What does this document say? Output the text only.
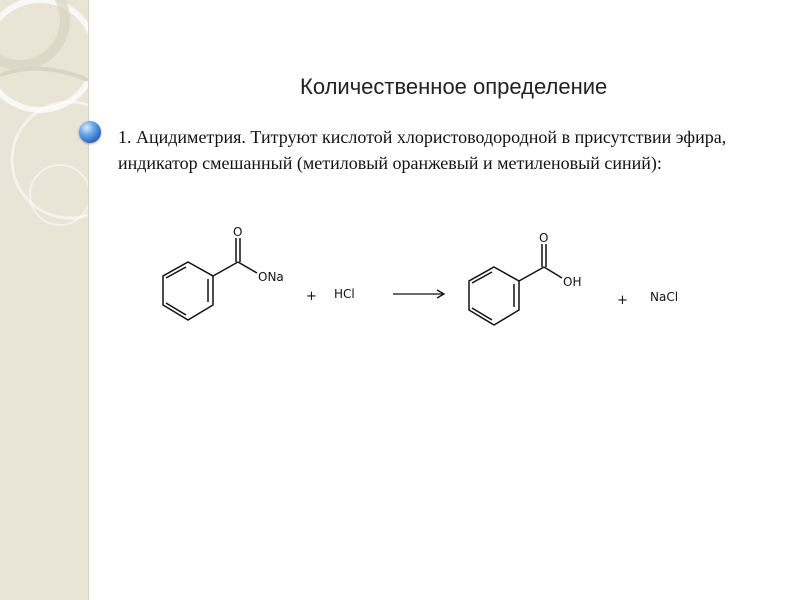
Количественное определение
1. Ацидиметрия. Титруют кислотой хлористоводородной в присутствии эфира, индикатор смешанный (метиловый оранжевый и метиленовый синий):
O
ONa
+ HCl
O
OH
+ NaCl
